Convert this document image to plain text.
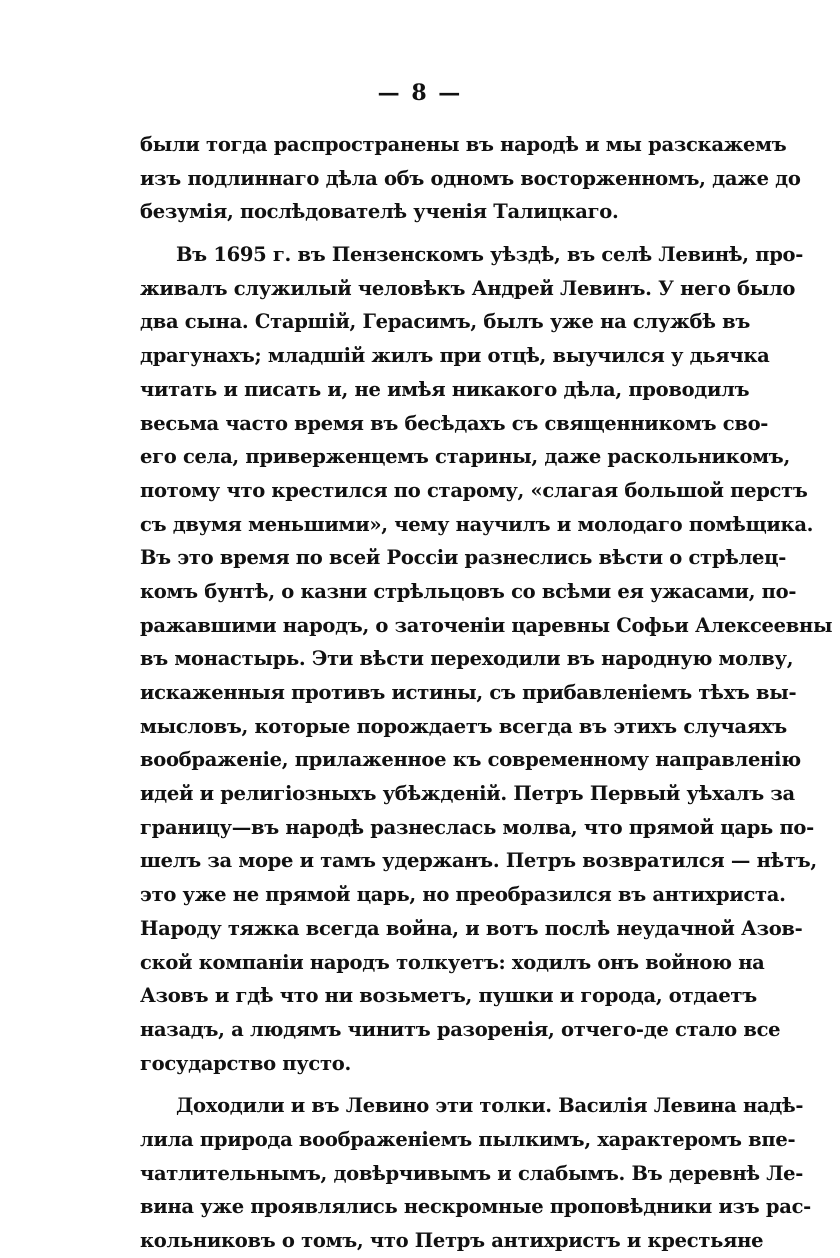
— 8 —
были тогда распространены въ народѣ и мы разскажемъ
изъ подлиннаго дѣла объ одномъ восторженномъ, даже до
безумія, послѣдователѣ ученія Талицкаго.
Въ 1695 г. въ Пензенскомъ уѣздѣ, въ селѣ Левинѣ, про-
живалъ служилый человѣкъ Андрей Левинъ. У него было
два сына. Старшій, Герасимъ, былъ уже на службѣ въ
драгунахъ; младшій жилъ при отцѣ, выучился у дьячка
читать и писать и, не имѣя никакого дѣла, проводилъ
весьма часто время въ бесѣдахъ съ священникомъ сво-
его села, приверженцемъ старины, даже раскольникомъ,
потому что крестился по старому, «слагая большой перстъ
съ двумя меньшими», чему научилъ и молодаго помѣщика.
Въ это время по всей Россіи разнеслись вѣсти о стрѣлец-
комъ бунтѣ, о казни стрѣльцовъ со всѣми ея ужасами, по-
ражавшими народъ, о заточеніи царевны Софьи Алексеевны
въ монастырь. Эти вѣсти переходили въ народную молву,
искаженныя противъ истины, съ прибавленіемъ тѣхъ вы-
мысловъ, которые порождаетъ всегда въ этихъ случаяхъ
воображеніе, прилаженное къ современному направленію
идей и религіозныхъ убѣжденій. Петръ Первый уѣхалъ за
границу—въ народѣ разнеслась молва, что прямой царь по-
шелъ за море и тамъ удержанъ. Петръ возвратился — нѣтъ,
это уже не прямой царь, но преобразился въ антихриста.
Народу тяжка всегда война, и вотъ послѣ неудачной Азов-
ской компаніи народъ толкуетъ: ходилъ онъ войною на
Азовъ и гдѣ что ни возьметъ, пушки и города, отдаетъ
назадъ, а людямъ чинитъ разоренія, отчего-де стало все
государство пусто.
Доходили и въ Левино эти толки. Василія Левина надѣ-
лила природа воображеніемъ пылкимъ, характеромъ впе-
чатлительнымъ, довѣрчивымъ и слабымъ. Въ деревнѣ Ле-
вина уже проявлялись нескромные проповѣдники изъ рас-
кольниковъ о томъ, что Петръ антихристъ и крестьяне
